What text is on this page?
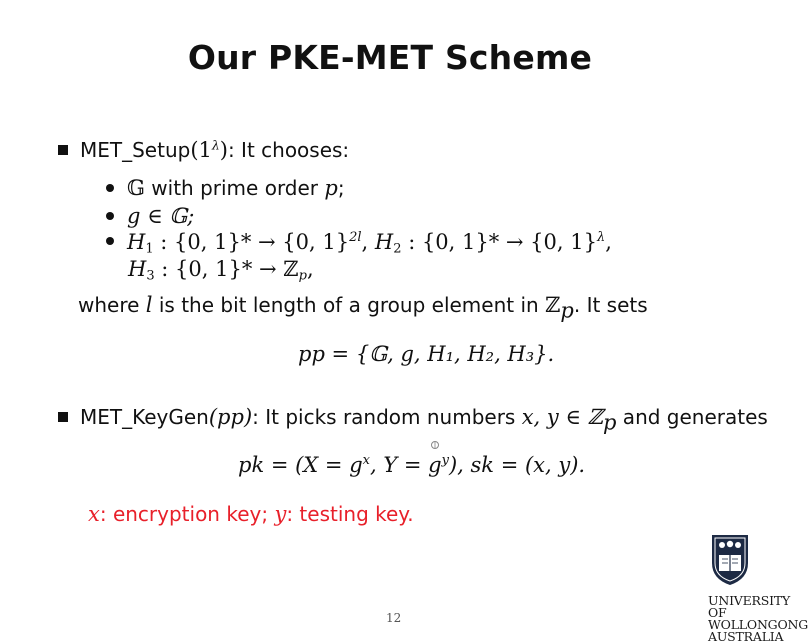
Our PKE-MET Scheme
$MET\_Setup(1^\lambda)$: It chooses:
𝔾 with prime order p;
g ∈ 𝔾;
$H_1$ : {0, 1}* → {0, 1}$^{2l}$, $H_2$ : {0, 1}* → {0, 1}$^\lambda$,
$H_3$ : {0, 1}* → ℤ$_p$,
where l is the bit length of a group element in ℤ$_p$. It sets
pp = {𝔾, g, H₁, H₂, H₃}.
MET_KeyGen(pp): It picks random numbers x, y ∈ ℤ$_p$ and generates
pk = ($X = g^x$, $Y = g^y$), sk = (x, y).
x: encryption key; y: testing key.
12
UNIVERSITY
OF WOLLONGONG
AUSTRALIA
